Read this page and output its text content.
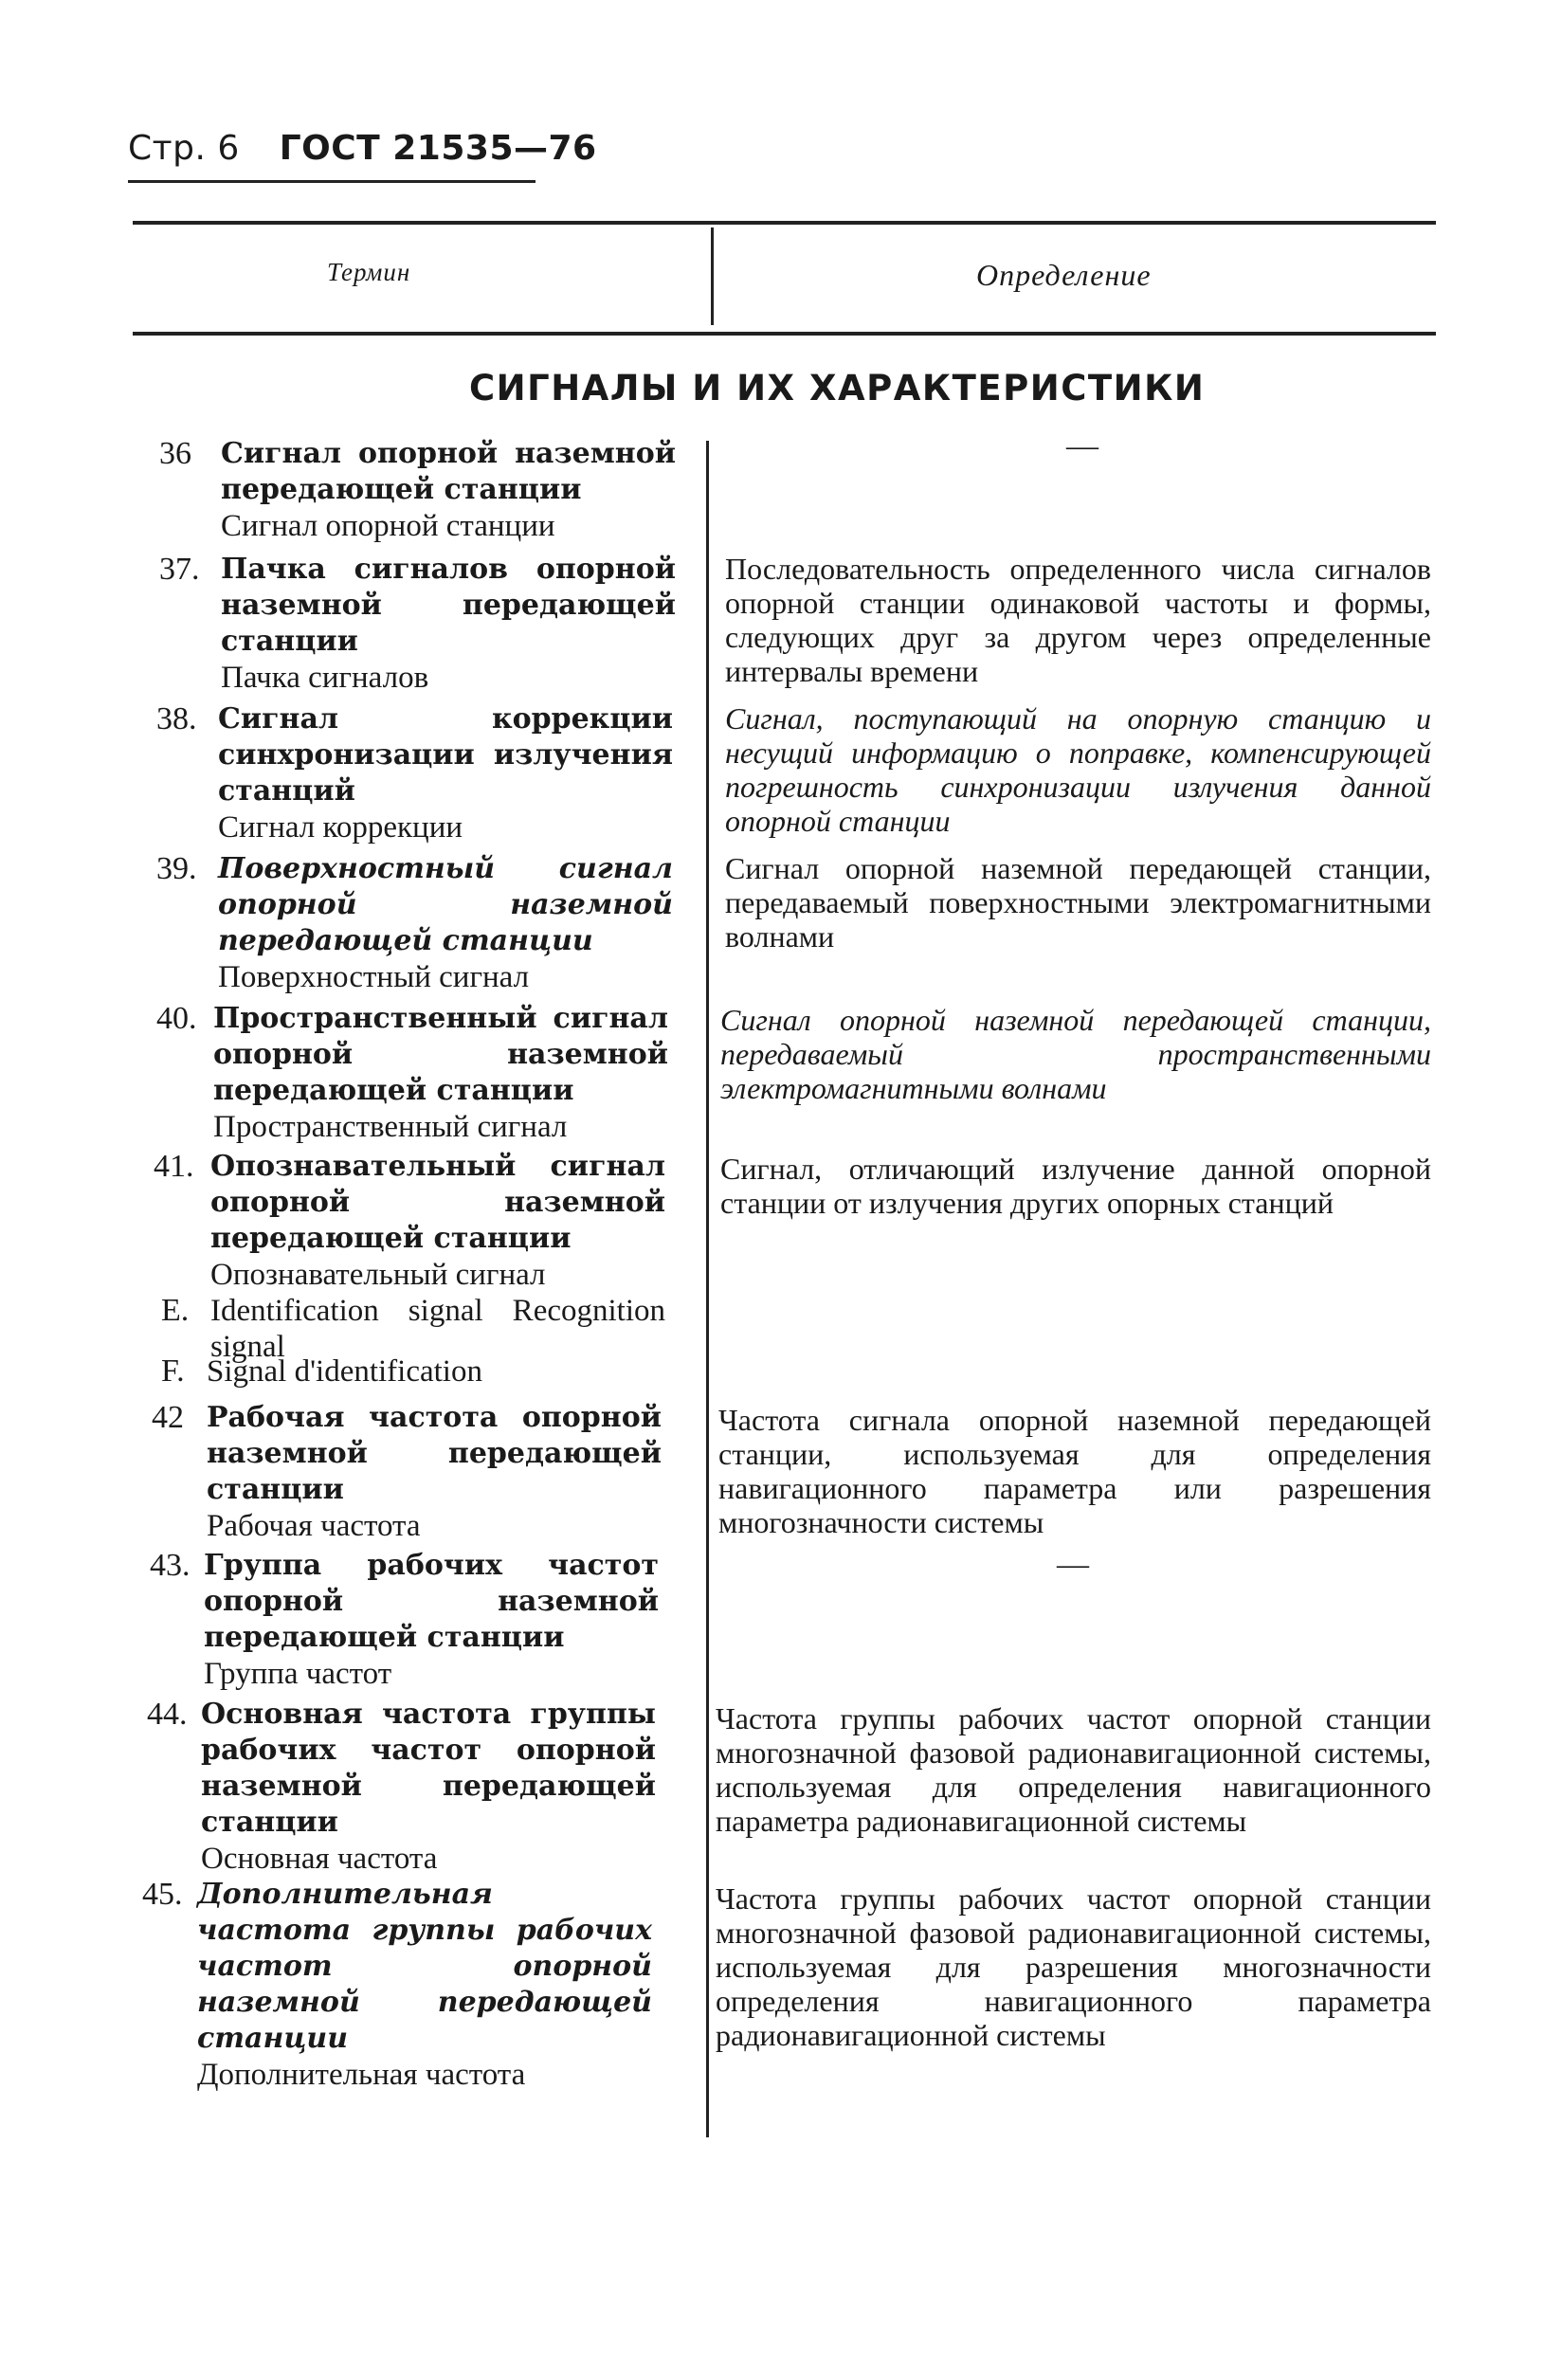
Стр. 6 ГОСТ 21535—76
Термин	Определение
СИГНАЛЫ И ИХ ХАРАКТЕРИСТИКИ
36 Сигнал опорной наземной передающей станции
Сигнал опорной станции
—
37. Пачка сигналов опорной наземной передающей станции
Пачка сигналов
Последовательность определенного числа сигналов опорной станции одинаковой частоты и формы, следующих друг за другом через определенные интервалы времени
38. Сигнал коррекции синхронизации излучения станций
Сигнал коррекции
Сигнал, поступающий на опорную станцию и несущий информацию о поправке, компенсирующей погрешность синхронизации излучения данной опорной станции
39. Поверхностный сигнал опорной наземной передающей станции
Поверхностный сигнал
Сигнал опорной наземной передающей станции, передаваемый поверхностными электромагнитными волнами
40. Пространственный сигнал опорной наземной передающей станции
Пространственный сигнал
Сигнал опорной наземной передающей станции, передаваемый пространственными электромагнитными волнами
41. Опознавательный сигнал опорной наземной передающей станции
Опознавательный сигнал
Е. Identification signal Recognition signal
F. Signal d'identification
Сигнал, отличающий излучение данной опорной станции от излучения других опорных станций
42 Рабочая частота опорной наземной передающей станции
Рабочая частота
Частота сигнала опорной наземной передающей станции, используемая для определения навигационного параметра или разрешения многозначности системы
43. Группа рабочих частот опорной наземной передающей станции
Группа частот
—
44. Основная частота группы рабочих частот опорной наземной передающей станции
Основная частота
Частота группы рабочих частот опорной станции многозначной фазовой радионавигационной системы, используемая для определения навигационного параметра радионавигационной системы
45. Дополнительная частота группы рабочих частот опорной наземной передающей станции
Дополнительная частота
Частота группы рабочих частот опорной станции многозначной фазовой радионавигационной системы, используемая для разрешения многозначности определения навигационного параметра радионавигационной системы
